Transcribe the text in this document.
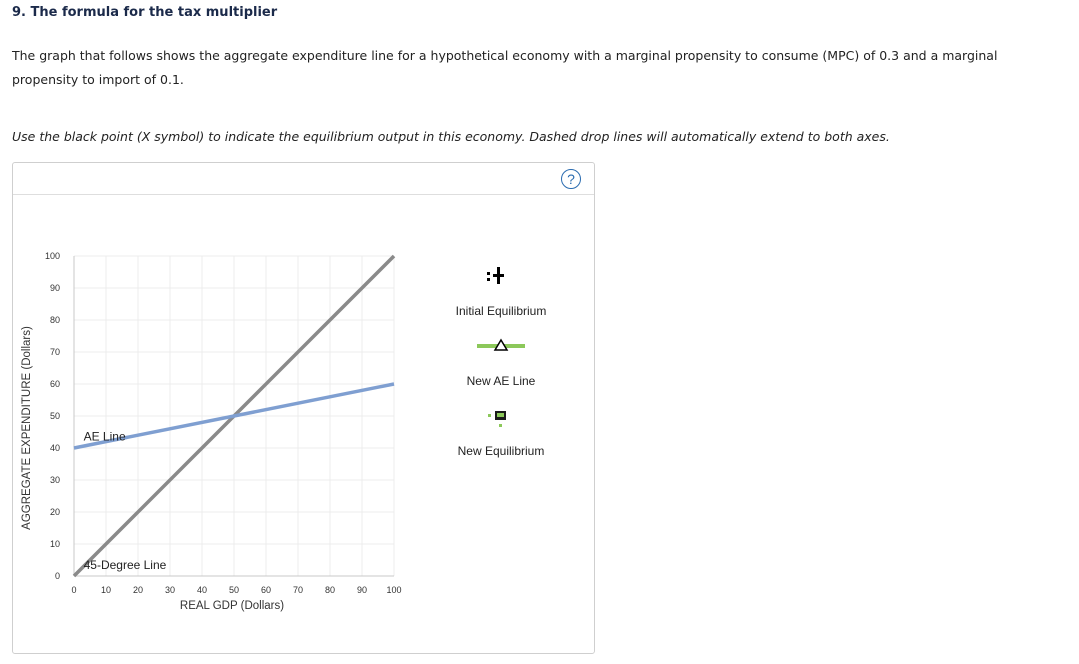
9. The formula for the tax multiplier
The graph that follows shows the aggregate expenditure line for a hypothetical economy with a marginal propensity to consume (MPC) of 0.3 and a marginal propensity to import of 0.1.
Use the black point (X symbol) to indicate the equilibrium output in this economy. Dashed drop lines will automatically extend to both axes.
?
0	10 20 30 40 50 60 70 80 90 100
0
10
20
30
40
50
60
70
80
90
100
REAL GDP (Dollars)
AGGREGATE EXPENDITURE (Dollars)	AE Line
45-Degree Line
Initial Equilibrium
New AE Line
New Equilibrium
